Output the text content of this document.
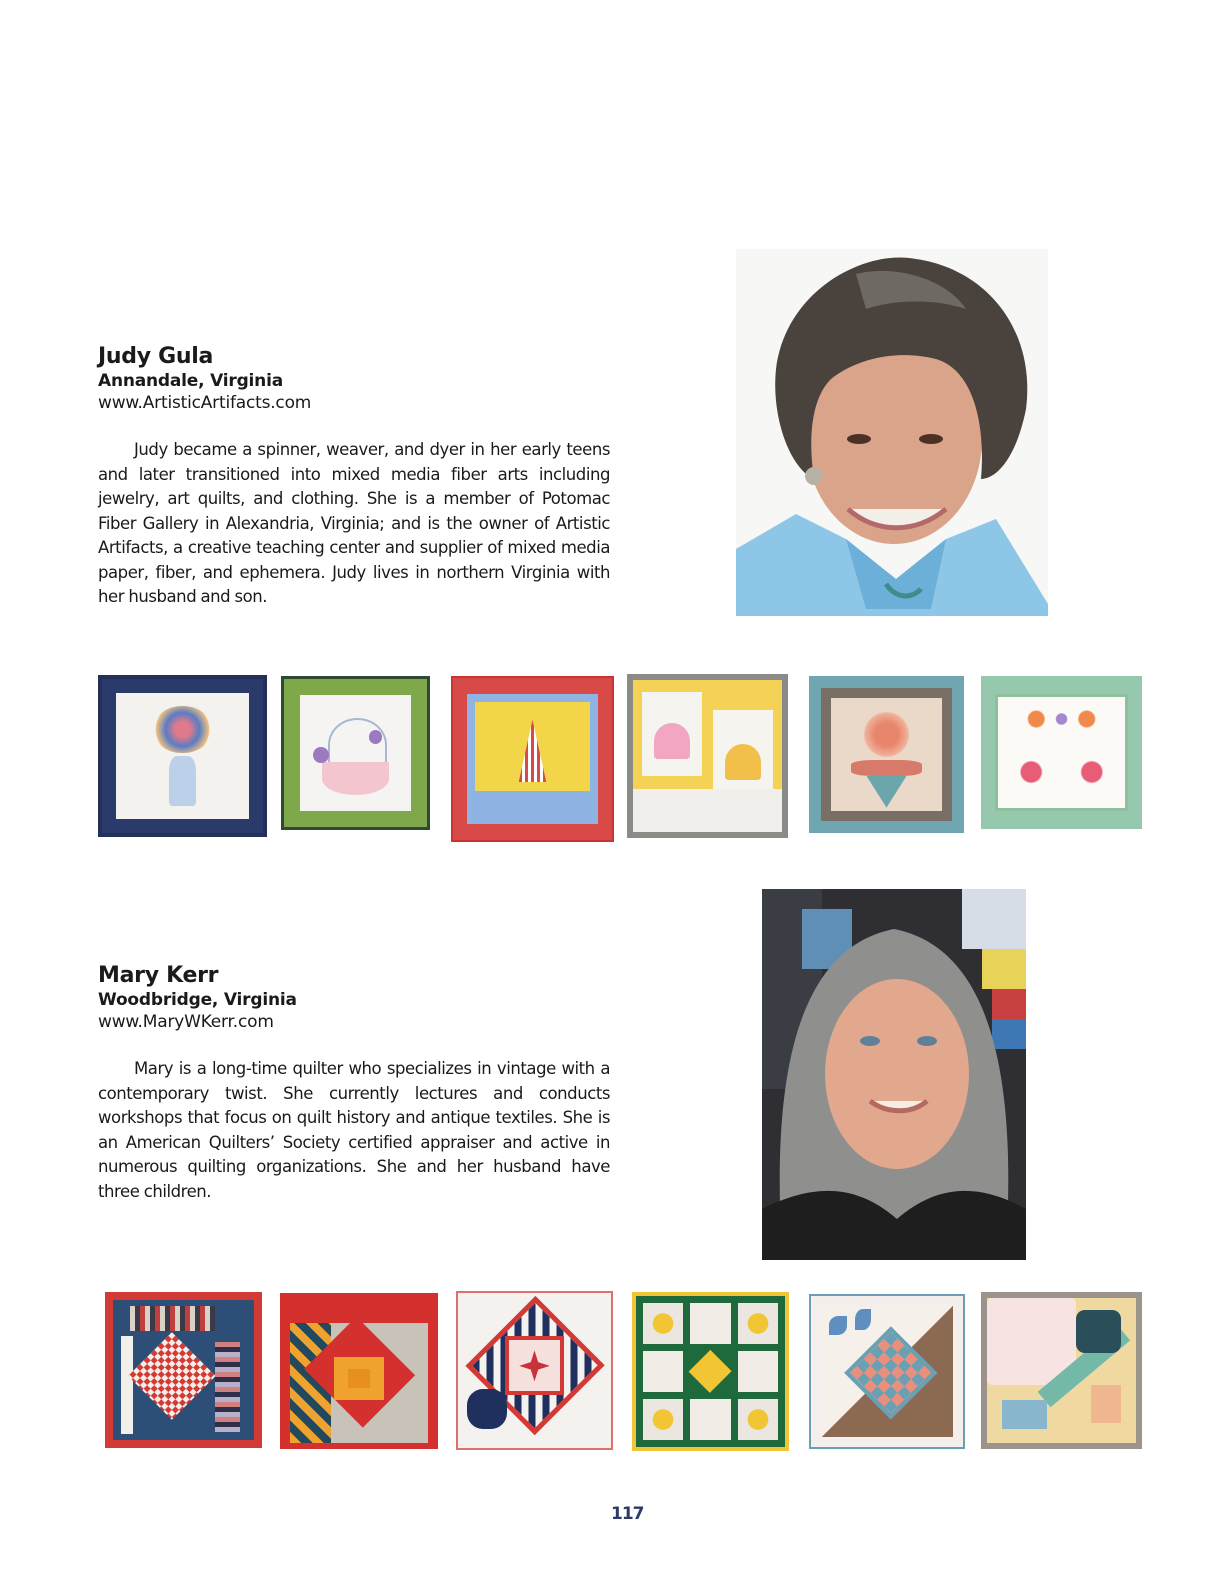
Judy Gula

Annandale, Virginia

www.ArtisticArtifacts.com

Judy became a spinner, weaver, and dyer in her early teens and later transitioned into mixed media fiber arts including jewelry, art quilts, and clothing. She is a member of Potomac Fiber Gallery in Alexandria, Virginia; and is the owner of Artistic Artifacts, a creative teaching center and supplier of mixed media paper, fiber, and ephemera. Judy lives in northern Virginia with her husband and son.

Mary Kerr

Woodbridge, Virginia

www.MaryWKerr.com

Mary is a long-time quilter who specializes in vintage with a contemporary twist. She currently lectures and conducts workshops that focus on quilt history and antique textiles. She is an American Quilters’ Society certified appraiser and active in numerous quilting organizations. She and her husband have three children.

117
